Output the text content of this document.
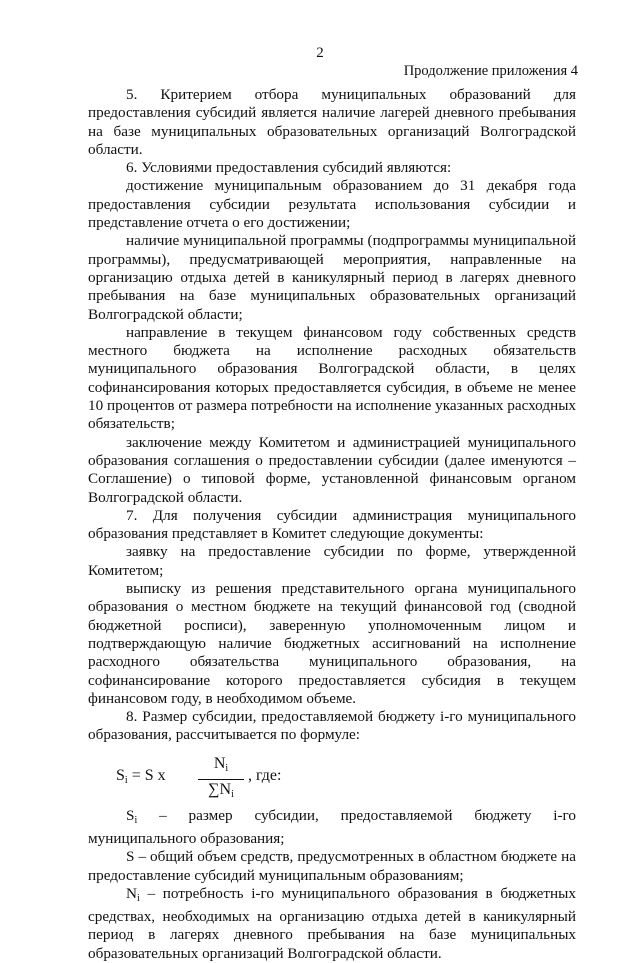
2
Продолжение приложения 4

5. Критерием отбора муниципальных образований для предоставления субсидий является наличие лагерей дневного пребывания на базе муниципальных образовательных организаций Волгоградской области.

6. Условиями предоставления субсидий являются:

достижение муниципальным образованием до 31 декабря года предоставления субсидии результата использования субсидии и представление отчета о его достижении;

наличие муниципальной программы (подпрограммы муниципальной программы), предусматривающей мероприятия, направленные на организацию отдыха детей в каникулярный период в лагерях дневного пребывания на базе муниципальных образовательных организаций Волгоградской области;

направление в текущем финансовом году собственных средств местного бюджета на исполнение расходных обязательств муниципального образования Волгоградской области, в целях софинансирования которых предоставляется субсидия, в объеме не менее 10 процентов от размера потребности на исполнение указанных расходных обязательств;

заключение между Комитетом и администрацией муниципального образования соглашения о предоставлении субсидии (далее именуются – Соглашение) о типовой форме, установленной финансовым органом Волгоградской области.

7. Для получения субсидии администрация муниципального образования представляет в Комитет следующие документы:

заявку на предоставление субсидии по форме, утвержденной Комитетом;

выписку из решения представительного органа муниципального образования о местном бюджете на текущий финансовой год (сводной бюджетной росписи), заверенную уполномоченным лицом и подтверждающую наличие бюджетных ассигнований на исполнение расходного обязательства муниципального образования, на софинансирование которого предоставляется субсидия в текущем финансовом году, в необходимом объеме.

8. Размер субсидии, предоставляемой бюджету i-го муниципального образования, рассчитывается по формуле:

$S_i = S$ x $\frac{N_i}{\sum N_i}$ , где:

$S_i$ – размер субсидии, предоставляемой бюджету i-го муниципального образования;

S – общий объем средств, предусмотренных в областном бюджете на предоставление субсидий муниципальным образованиям;

$N_i$ – потребность i-го муниципального образования в бюджетных средствах, необходимых на организацию отдыха детей в каникулярный период в лагерях дневного пребывания на базе муниципальных образовательных организаций Волгоградской области.
